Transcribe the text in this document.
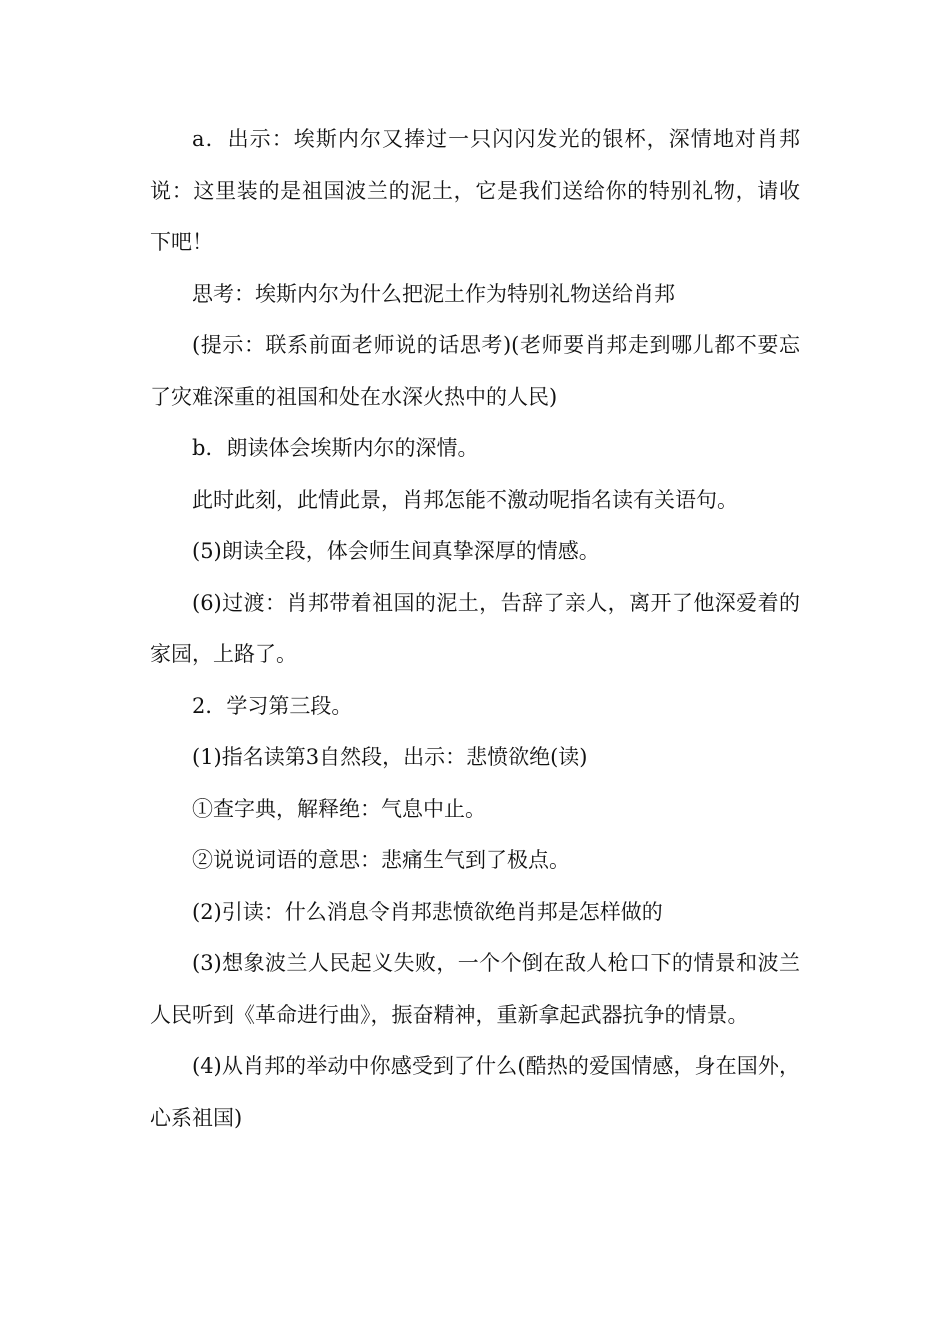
a．出示：埃斯内尔又捧过一只闪闪发光的银杯，深情地对肖邦说：这里装的是祖国波兰的泥土，它是我们送给你的特别礼物，请收下吧！

思考：埃斯内尔为什么把泥土作为特别礼物送给肖邦

(提示：联系前面老师说的话思考)(老师要肖邦走到哪儿都不要忘了灾难深重的祖国和处在水深火热中的人民)

b．朗读体会埃斯内尔的深情。

此时此刻，此情此景，肖邦怎能不激动呢指名读有关语句。

(5)朗读全段，体会师生间真挚深厚的情感。

(6)过渡：肖邦带着祖国的泥土，告辞了亲人，离开了他深爱着的家园，上路了。

2．学习第三段。

(1)指名读第3自然段，出示：悲愤欲绝(读)

①查字典，解释绝：气息中止。

②说说词语的意思：悲痛生气到了极点。

(2)引读：什么消息令肖邦悲愤欲绝肖邦是怎样做的

(3)想象波兰人民起义失败，一个个倒在敌人枪口下的情景和波兰人民听到《革命进行曲》，振奋精神，重新拿起武器抗争的情景。

(4)从肖邦的举动中你感受到了什么(酷热的爱国情感，身在国外，心系祖国)
